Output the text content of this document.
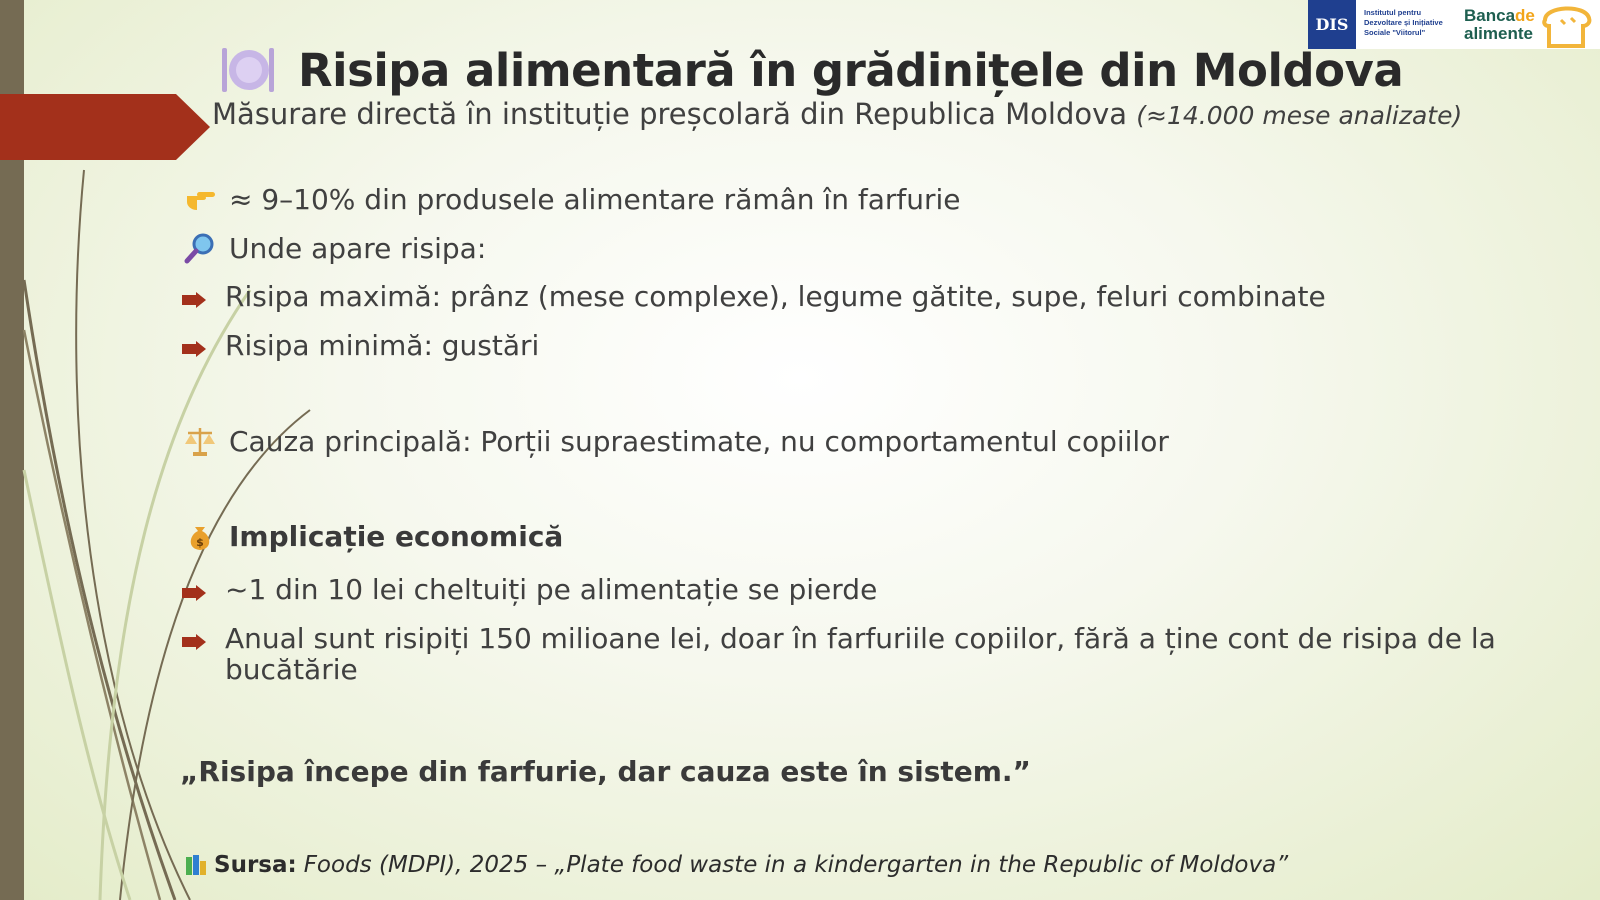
DIS
Institutul pentru
Dezvoltare și Inițiative
Sociale "Viitorul"
Bancade
alimente
Risipa alimentară în grădinițele din Moldova
Măsurare directă în instituție preșcolară din Republica Moldova (≈14.000 mese analizate)
≈ 9–10% din produsele alimentare rămân în farfurie
Unde apare risipa:
Risipa maximă: prânz (mese complexe), legume gătite, supe, feluri combinate
Risipa minimă: gustări
Cauza principală: Porții supraestimate, nu comportamentul copiilor
$ Implicație economică
~1 din 10 lei cheltuiți pe alimentație se pierde
Anual sunt risipiți 150 milioane lei, doar în farfuriile copiilor, fără a ține cont de risipa de la
bucătărie
„Risipa începe din farfurie, dar cauza este în sistem.”
Sursa: Foods (MDPI), 2025 – „Plate food waste in a kindergarten in the Republic of Moldova”
